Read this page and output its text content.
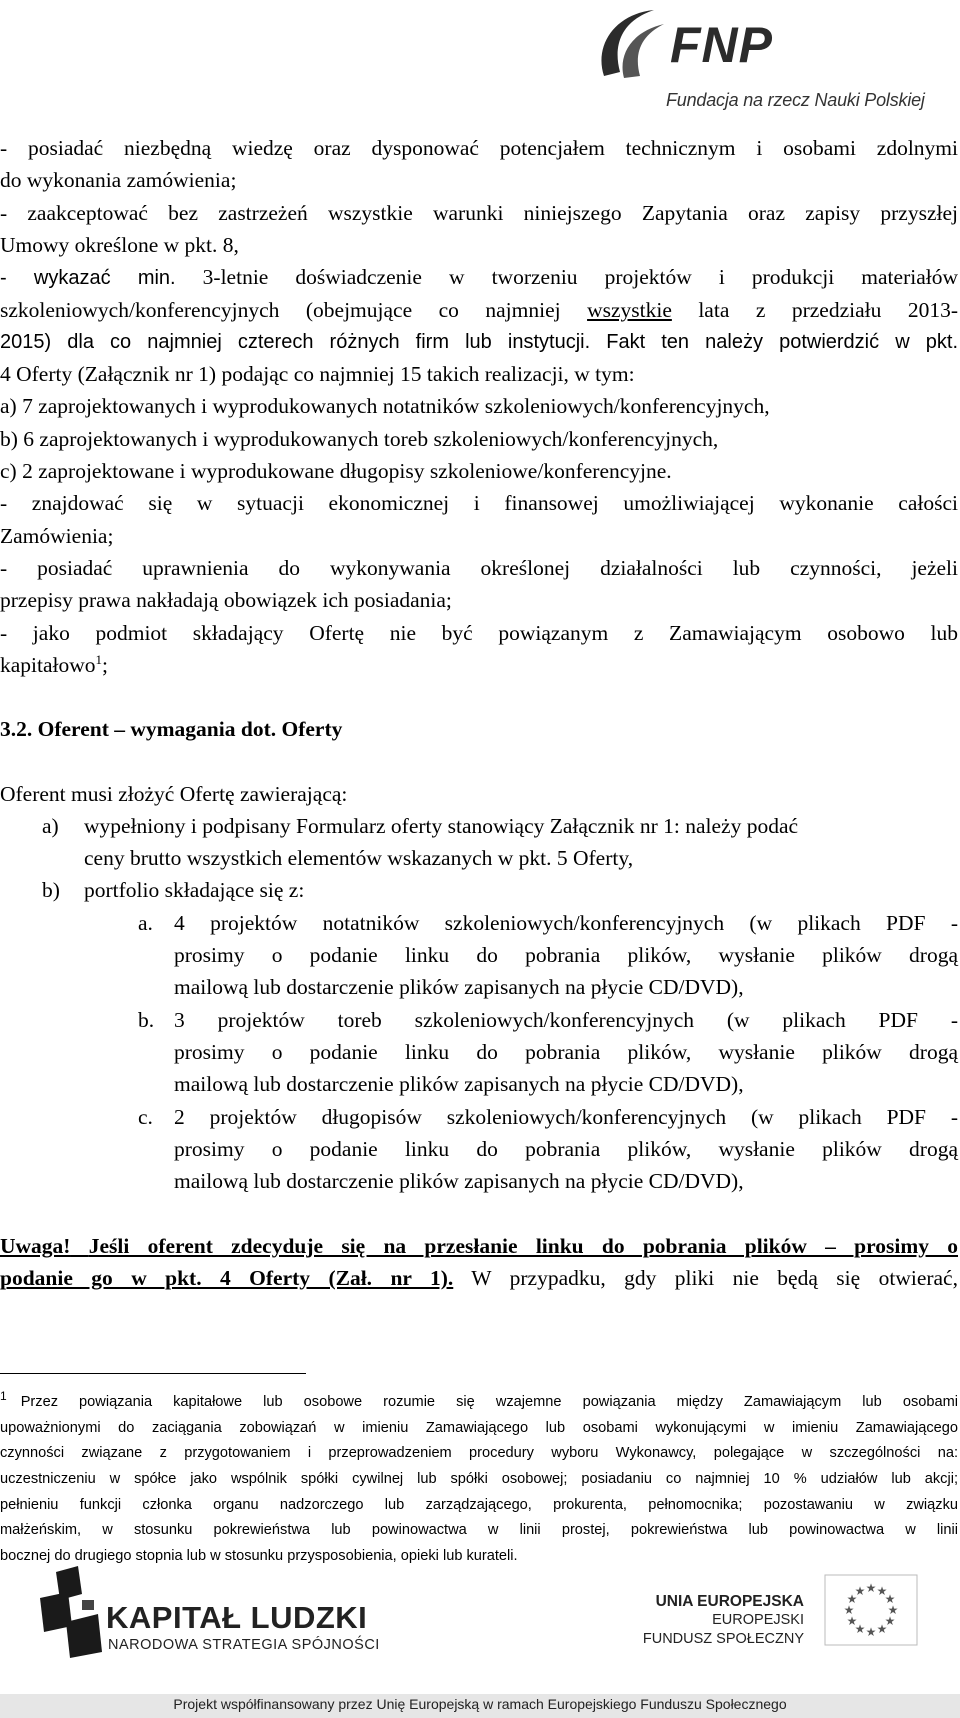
FNP
Fundacja na rzecz Nauki Polskiej
- posiadać niezbędną wiedzę oraz dysponować potencjałem technicznym i osobami zdolnymi
do wykonania zamówienia;
- zaakceptować bez zastrzeżeń wszystkie warunki niniejszego Zapytania oraz zapisy przyszłej
Umowy określone w pkt. 8,
- wykazać min. 3-letnie doświadczenie w tworzeniu projektów i produkcji materiałów
szkoleniowych/konferencyjnych (obejmujące co najmniej wszystkie lata z przedziału 2013-
2015) dla co najmniej czterech różnych firm lub instytucji. Fakt ten należy potwierdzić w pkt.
4 Oferty (Załącznik nr 1) podając co najmniej 15 takich realizacji, w tym:
a) 7 zaprojektowanych i wyprodukowanych notatników szkoleniowych/konferencyjnych,
b) 6 zaprojektowanych i wyprodukowanych toreb szkoleniowych/konferencyjnych,
c) 2 zaprojektowane i wyprodukowane długopisy szkoleniowe/konferencyjne.
- znajdować się w sytuacji ekonomicznej i finansowej umożliwiającej wykonanie całości
Zamówienia;
- posiadać uprawnienia do wykonywania określonej działalności lub czynności, jeżeli
przepisy prawa nakładają obowiązek ich posiadania;
- jako podmiot składający Ofertę nie być powiązanym z Zamawiającym osobowo lub
kapitałowo$^1$;
3.2. Oferent – wymagania dot. Oferty
Oferent musi złożyć Ofertę zawierającą:
a) wypełniony i podpisany Formularz oferty stanowiący Załącznik nr 1: należy podać
ceny brutto wszystkich elementów wskazanych w pkt. 5 Oferty,
b) portfolio składające się z:
a. 4 projektów notatników szkoleniowych/konferencyjnych (w plikach PDF -
prosimy o podanie linku do pobrania plików, wysłanie plików drogą
mailową lub dostarczenie plików zapisanych na płycie CD/DVD),
b. 3 projektów toreb szkoleniowych/konferencyjnych (w plikach PDF -
prosimy o podanie linku do pobrania plików, wysłanie plików drogą
mailową lub dostarczenie plików zapisanych na płycie CD/DVD),
c. 2 projektów długopisów szkoleniowych/konferencyjnych (w plikach PDF -
prosimy o podanie linku do pobrania plików, wysłanie plików drogą
mailową lub dostarczenie plików zapisanych na płycie CD/DVD),
Uwaga! Jeśli oferent zdecyduje się na przesłanie linku do pobrania plików – prosimy o
podanie go w pkt. 4 Oferty (Zał. nr 1). W przypadku, gdy pliki nie będą się otwierać,
$^1$ Przez powiązania kapitałowe lub osobowe rozumie się wzajemne powiązania między Zamawiającym lub osobami
upoważnionymi do zaciągania zobowiązań w imieniu Zamawiającego lub osobami wykonującymi w imieniu Zamawiającego
czynności związane z przygotowaniem i przeprowadzeniem procedury wyboru Wykonawcy, polegające w szczególności na:
uczestniczeniu w spółce jako wspólnik spółki cywilnej lub spółki osobowej; posiadaniu co najmniej 10 % udziałów lub akcji;
pełnieniu funkcji członka organu nadzorczego lub zarządzającego, prokurenta, pełnomocnika; pozostawaniu w związku
małżeńskim, w stosunku pokrewieństwa lub powinowactwa w linii prostej, pokrewieństwa lub powinowactwa w linii
bocznej do drugiego stopnia lub w stosunku przysposobienia, opieki lub kurateli.
KAPITAŁ LUDZKI
NARODOWA STRATEGIA SPÓJNOŚCI
UNIA EUROPEJSKA
EUROPEJSKI
FUNDUSZ SPOŁECZNY
★ ★
★
★
★
★
★
★
★
★
★
★
Projekt współfinansowany przez Unię Europejską w ramach Europejskiego Funduszu Społecznego
